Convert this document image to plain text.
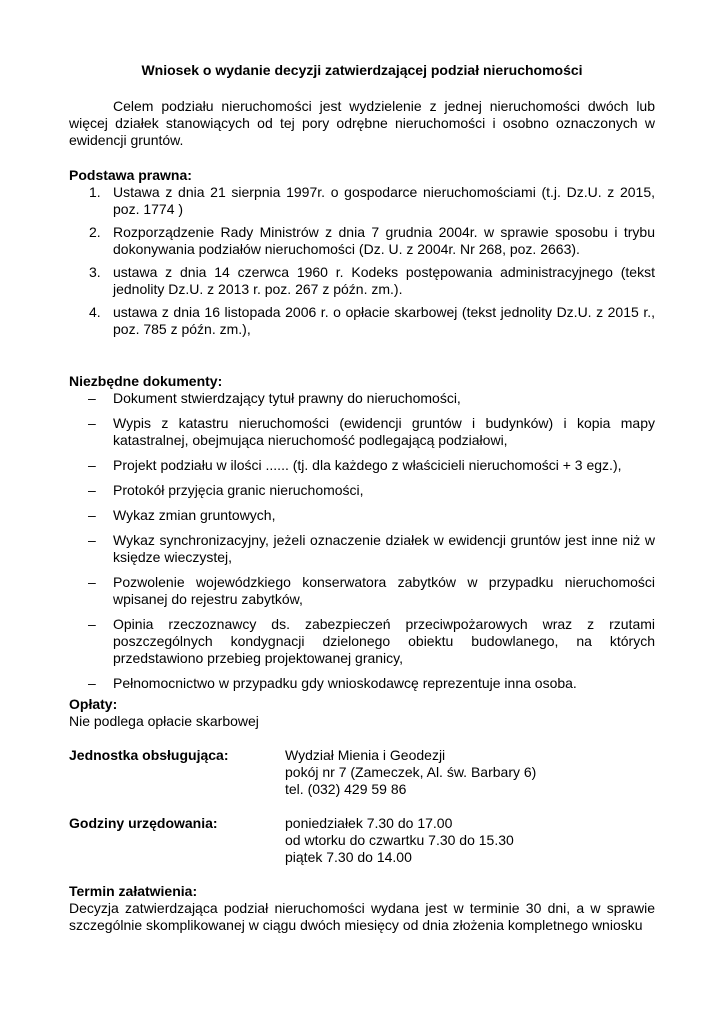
Wniosek o wydanie decyzji zatwierdzającej podział nieruchomości

Celem podziału nieruchomości jest wydzielenie z jednej nieruchomości dwóch lub więcej działek stanowiących od tej pory odrębne nieruchomości i osobno oznaczonych w ewidencji gruntów.

Podstawa prawna:

1. Ustawa z dnia 21 sierpnia 1997r. o gospodarce nieruchomościami (t.j. Dz.U. z 2015, poz. 1774 )
2. Rozporządzenie Rady Ministrów z dnia 7 grudnia 2004r. w sprawie sposobu i trybu dokonywania podziałów nieruchomości (Dz. U. z 2004r. Nr 268, poz. 2663).
3. ustawa z dnia 14 czerwca 1960 r. Kodeks postępowania administracyjnego (tekst jednolity Dz.U. z 2013 r. poz. 267 z późn. zm.).
4. ustawa z dnia 16 listopada 2006 r. o opłacie skarbowej (tekst jednolity Dz.U. z 2015 r., poz. 785 z późn. zm.),

Niezbędne dokumenty:

– Dokument stwierdzający tytuł prawny do nieruchomości,
– Wypis z katastru nieruchomości (ewidencji gruntów i budynków) i kopia mapy katastralnej, obejmująca nieruchomość podlegającą podziałowi,
– Projekt podziału w ilości ...... (tj. dla każdego z właścicieli nieruchomości + 3 egz.),
– Protokół przyjęcia granic nieruchomości,
– Wykaz zmian gruntowych,
– Wykaz synchronizacyjny, jeżeli oznaczenie działek w ewidencji gruntów jest inne niż w księdze wieczystej,
– Pozwolenie wojewódzkiego konserwatora zabytków w przypadku nieruchomości wpisanej do rejestru zabytków,
– Opinia rzeczoznawcy ds. zabezpieczeń przeciwpożarowych wraz z rzutami poszczególnych kondygnacji dzielonego obiektu budowlanego, na których przedstawiono przebieg projektowanej granicy,
– Pełnomocnictwo w przypadku gdy wnioskodawcę reprezentuje inna osoba.

Opłaty:

Nie podlega opłacie skarbowej

Jednostka obsługująca:	Wydział Mienia i Geodezji
pokój nr 7 (Zameczek, Al. św. Barbary 6)
tel. (032) 429 59 86
Godziny urzędowania:	poniedziałek 7.30 do 17.00
od wtorku do czwartku 7.30 do 15.30
piątek 7.30 do 14.00

Termin załatwienia:

Decyzja zatwierdzająca podział nieruchomości wydana jest w terminie 30 dni, a w sprawie szczególnie skomplikowanej w ciągu dwóch miesięcy od dnia złożenia kompletnego wniosku
